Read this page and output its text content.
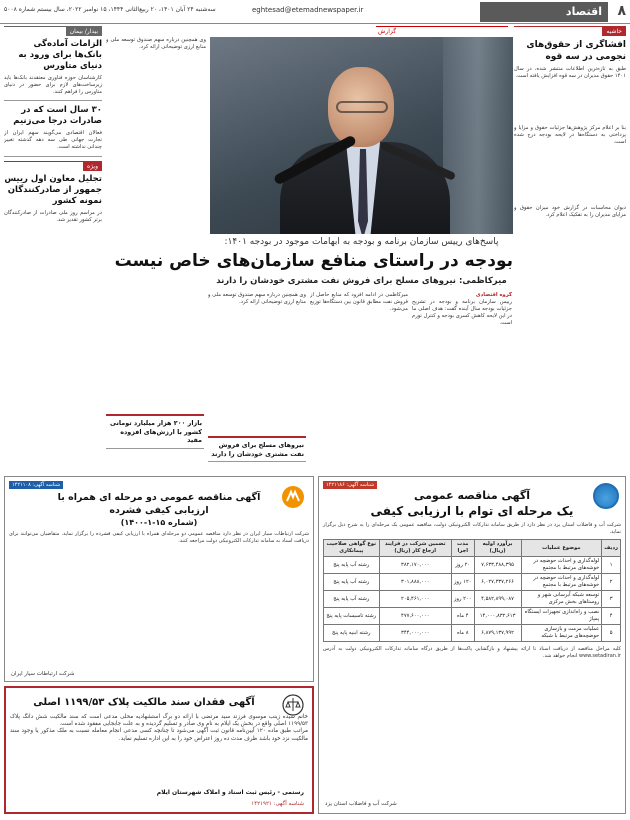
۸
اقتصاد
eghtesad@etemadnewspaper.ir
سه‌شنبه ۲۴ آبان ۱۴۰۱، ۲۰ ربیع‌الثانی ۱۴۴۴، ۱۵ نوامبر ۲۰۲۲، سال بیستم شماره ۵۰۰۸
گزارش	حاشیه
افشاگری از حقوق‌های نجومی در سه قوه

طبق به‌ تازه‌ترین اطلاعات منتشر شده، در سال ۱۴۰۱ حقوق مدیران در سه قوه افزایش یافته است.

بنا بر اعلام مرکز پژوهش‌ها جزئیات حقوق و مزایا و پرداختی به دستگاه‌ها در لایحه بودجه درج شده است.

دیوان محاسبات در گزارش خود میزان حقوق و مزایای مدیران را به تفکیک اعلام کرد.

وی همچنین درباره سهم صندوق توسعه ملی و منابع ارزی توضیحاتی ارائه کرد.

پاسخ‌های رییس سازمان برنامه و بودجه به ابهامات موجود در بودجه ۱۴۰۱:
بودجه در راستای منافع سازمان‌های خاص نیست
میرکاظمی: نیروهای مسلح برای فروش نفت مشتری خودشان را دارند
گروه اقتصادی

رییس سازمان برنامه و بودجه در تشریح جزئیات بودجه سال آینده گفت: هدف اصلی ما در این لایحه کاهش کسری بودجه و کنترل تورم است.

میرکاظمی در ادامه افزود که منابع حاصل از فروش نفت مطابق قانون بین دستگاه‌ها توزیع می‌شود.

وی همچنین درباره سهم صندوق توسعه ملی و منابع ارزی توضیحاتی ارائه کرد.

نیروهای مسلح برای فروش نفت مشتری خودشان را دارند
بازار ۲۰۰ هزار میلیارد تومانی کشور با ارزش‌های افزوده مفید
بیدار/ بیمان
الزامات آماده‌گی بانک‌ها برای ورود به دنیای متاورس

کارشناسان حوزه فناوری معتقدند بانک‌ها باید زیرساخت‌های لازم برای حضور در دنیای متاورس را فراهم کنند.

۳۰ سال است که در صادرات درجا می‌زنیم

فعالان اقتصادی می‌گویند سهم ایران از تجارت جهانی طی سه دهه گذشته تغییر چندانی نداشته است.

ویژه
تجلیل معاون اول رییس جمهور از صادرکنندگان نمونه کشور

در مراسم روز ملی صادرات از صادرکنندگان برتر کشور تقدیر شد.

شناسه آگهی: ۱۴۲۱۱۸۶
آگهی مناقصه عمومی
یک مرحله ای توام با ارزیابی کیفی
شرکت آب و فاضلاب استان یزد در نظر دارد از طریق سامانه تدارکات الکترونیکی دولت، مناقصه عمومی یک مرحله‌ای را به شرح ذیل برگزار نماید.
ردیف	موضوع عملیات	برآورد اولیه (ریال)	مدت اجرا	تضمین شرکت در فرایند ارجاع کار (ریال)	نوع گواهی صلاحیت پیمانکاری
۱	لوله‌گذاری و احداث حوضچه در خوشه‌های مرتبط با مجتمع	۷,۶۳۳,۴۸۸,۳۹۵	۲۰ روز	۳۸۲,۱۷۰,۰۰۰	رشته آب پایه پنج
۲	لوله‌گذاری و احداث حوضچه در خوشه‌های مرتبط با مجتمع	۶,۰۲۷,۳۳۷,۲۶۶	۱۲۰ روز	۳۰۱,۸۸۸,۰۰۰	رشته آب پایه پنج
۳	توسعه شبکه آبرسانی شهر و روستاهای بخش مرکزی	۴,۵۸۲,۸۹۹,۰۸۷	۲۰۰ روز	۲۰۵,۴۶۱,۰۰۰	رشته آب پایه پنج
۴	نصب و راه‌اندازی تجهیزات ایستگاه پمپاژ	۱۴,۰۰۰,۸۳۲,۶۱۳	۴ ماه	۴۷۷,۶۰۰,۰۰۰	رشته تاسیسات پایه پنج
۵	عملیات مرمت و بازسازی حوضچه‌های مرتبط با شبکه	۶,۸۷۹,۱۳۷,۹۹۲	۸ ماه	۳۴۴,۰۰۰,۰۰۰	رشته ابنیه پایه پنج
کلیه مراحل مناقصه از دریافت اسناد تا ارائه پیشنهاد و بازگشایی پاکت‌ها از طریق درگاه سامانه تدارکات الکترونیکی دولت به آدرس www.setadiran.ir انجام خواهد شد.
شرکت آب و فاضلاب استان یزد
شناسه آگهی: ۱۴۲۱۱۰۸
آگهی مناقصه عمومی دو مرحله ای همراه با ارزیابی کیفی فشرده
(شماره ۱۵-۱-۱۴۰۰)
شرکت ارتباطات سیار ایران در نظر دارد مناقصه عمومی دو مرحله‌ای همراه با ارزیابی کیفی فشرده را برگزار نماید. متقاضیان می‌توانند برای دریافت اسناد به سامانه تدارکات الکترونیکی دولت مراجعه کنند.
شرکت ارتباطات سیار ایران
آگهی فقدان سند مالکیت پلاک ۱۱۹۹/۵۳ اصلی
خانم سیده زینب موسوی فرزند سید مرتضی با ارائه دو برگ استشهادیه محلی مدعی است که سند مالکیت شش دانگ پلاک ۱۱۹۹/۵۳ اصلی واقع در بخش یک ایلام به نام وی صادر و تسلیم گردیده و به علت جابجایی مفقود شده است.
مراتب طبق ماده ۱۲۰ آیین‌نامه قانون ثبت آگهی می‌شود تا چنانچه کسی مدعی انجام معامله نسبت به ملک مذکور یا وجود سند مالکیت نزد خود باشد ظرف مدت ده روز اعتراض خود را به این اداره تسلیم نماید.
رستمی - رئیس ثبت اسناد و املاک شهرستان ایلام
شناسه آگهی: ۱۴۲۱۹۲۱
